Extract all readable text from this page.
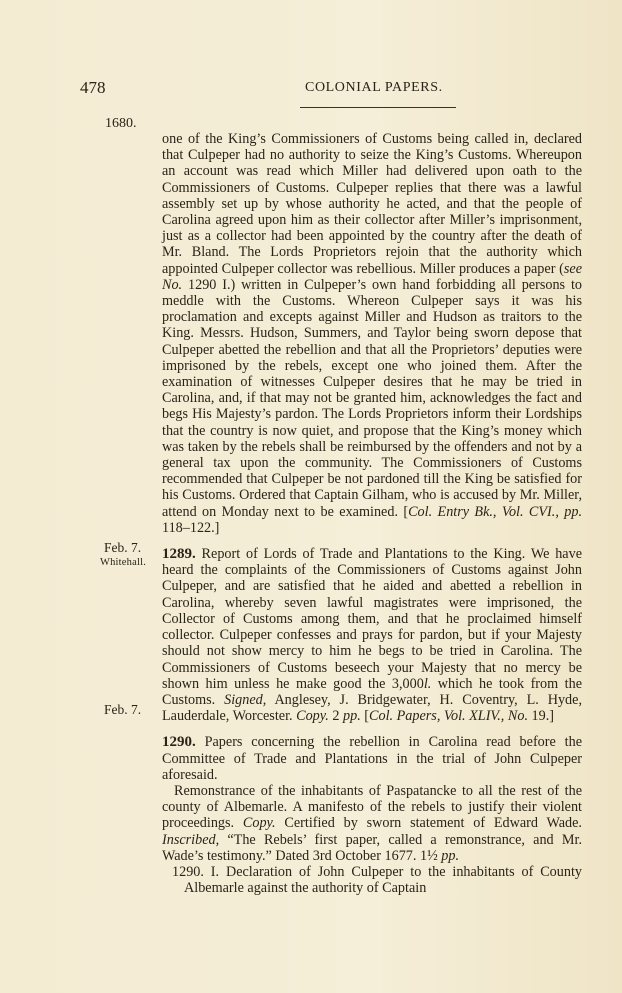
478	COLONIAL PAPERS.
1680.
Feb. 7.
Whitehall.
Feb. 7.

one of the King’s Commissioners of Customs being called in, declared that Culpeper had no authority to seize the King’s Customs. Whereupon an account was read which Miller had delivered upon oath to the Commissioners of Customs. Culpeper replies that there was a lawful assembly set up by whose authority he acted, and that the people of Carolina agreed upon him as their collector after Miller’s imprisonment, just as a collector had been appointed by the country after the death of Mr. Bland. The Lords Proprietors rejoin that the authority which appointed Culpeper collector was rebellious. Miller produces a paper (see No. 1290 I.) written in Culpeper’s own hand forbidding all persons to meddle with the Customs. Whereon Culpeper says it was his proclamation and excepts against Miller and Hudson as traitors to the King. Messrs. Hudson, Summers, and Taylor being sworn depose that Culpeper abetted the rebellion and that all the Proprietors’ deputies were imprisoned by the rebels, except one who joined them. After the examination of witnesses Culpeper desires that he may be tried in Carolina, and, if that may not be granted him, acknowledges the fact and begs His Majesty’s pardon. The Lords Proprietors inform their Lordships that the country is now quiet, and propose that the King’s money which was taken by the rebels shall be reimbursed by the offenders and not by a general tax upon the community. The Commissioners of Customs recommended that Culpeper be not pardoned till the King be satisfied for his Customs. Ordered that Captain Gilham, who is accused by Mr. Miller, attend on Monday next to be examined. [Col. Entry Bk., Vol. CVI., pp. 118–122.]

1289. Report of Lords of Trade and Plantations to the King. We have heard the complaints of the Commissioners of Customs against John Culpeper, and are satisfied that he aided and abetted a rebellion in Carolina, whereby seven lawful magistrates were imprisoned, the Collector of Customs among them, and that he proclaimed himself collector. Culpeper confesses and prays for pardon, but if your Majesty should not show mercy to him he begs to be tried in Carolina. The Commissioners of Customs beseech your Majesty that no mercy be shown him unless he make good the 3,000l. which he took from the Customs. Signed, Anglesey, J. Bridgewater, H. Coventry, L. Hyde, Lauderdale, Worcester. Copy. 2 pp. [Col. Papers, Vol. XLIV., No. 19.]

1290. Papers concerning the rebellion in Carolina read before the Committee of Trade and Plantations in the trial of John Culpeper aforesaid.

Remonstrance of the inhabitants of Paspatancke to all the rest of the county of Albemarle. A manifesto of the rebels to justify their violent proceedings. Copy. Certified by sworn statement of Edward Wade. Inscribed, “The Rebels’ first paper, called a remonstrance, and Mr. Wade’s testimony.” Dated 3rd October 1677. 1½ pp.

1290. I. Declaration of John Culpeper to the inhabitants of County Albemarle against the authority of Captain
